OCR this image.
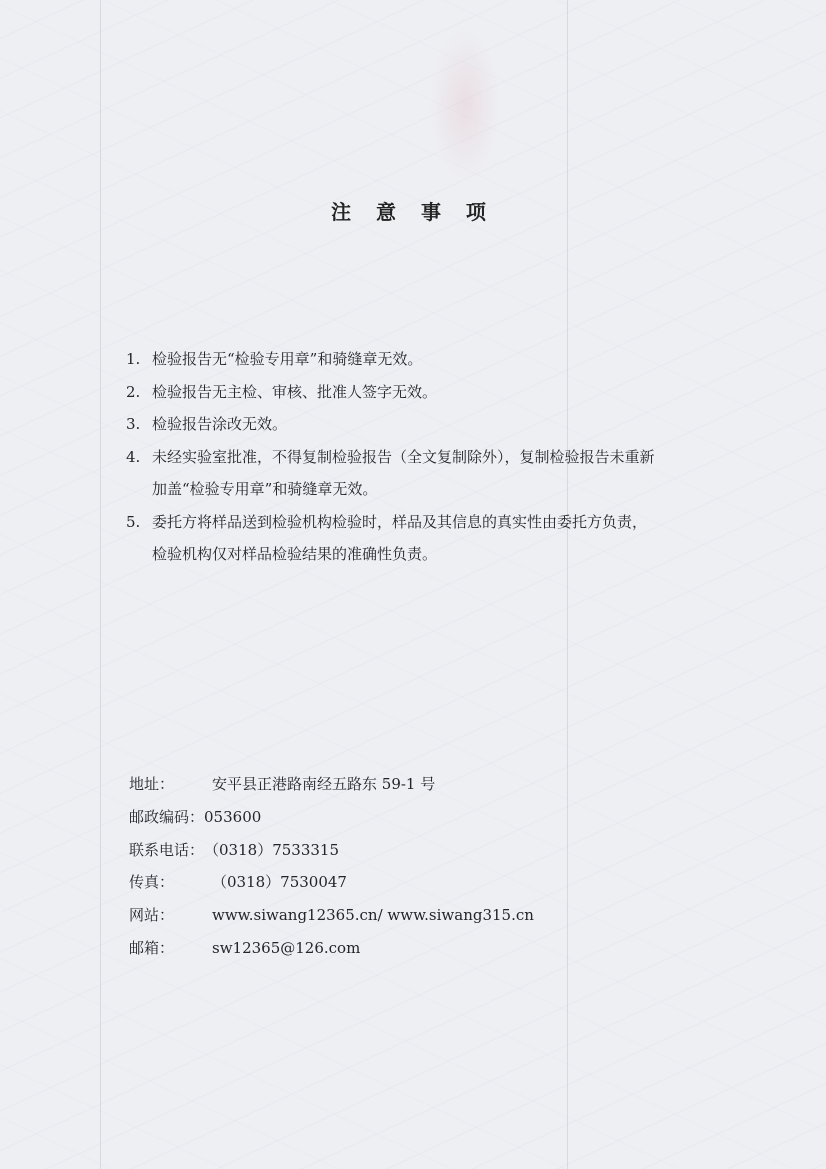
注 意 事 项
1. 检验报告无“检验专用章”和骑缝章无效。
2. 检验报告无主检、审核、批准人签字无效。
3. 检验报告涂改无效。
4. 未经实验室批准，不得复制检验报告（全文复制除外），复制检验报告未重新
加盖“检验专用章”和骑缝章无效。
5. 委托方将样品送到检验机构检验时，样品及其信息的真实性由委托方负责，
检验机构仅对样品检验结果的准确性负责。
地址：	安平县正港路南经五路东 59-1 号
邮政编码：053600
联系电话：（0318）7533315
传真：	（0318）7530047
网站：	www.siwang12365.cn/ www.siwang315.cn
邮箱：	sw12365@126.com
